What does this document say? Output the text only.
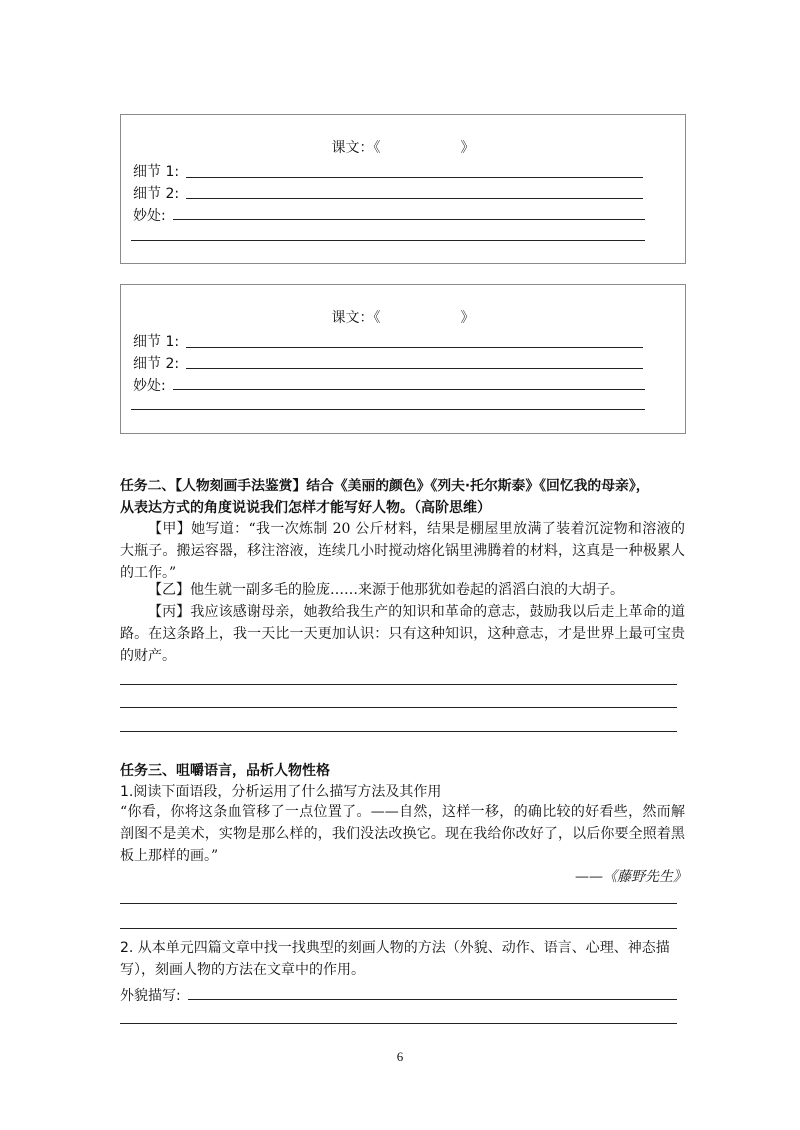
课文：《	》
细节 1:
细节 2:
妙处:
课文：《	》
细节 1:
细节 2:
妙处:
任务二、【人物刻画手法鉴赏】结合《美丽的颜色》《列夫·托尔斯泰》《回忆我的母亲》，
从表达方式的角度说说我们怎样才能写好人物。（高阶思维）
【甲】她写道：“我一次炼制 20 公斤材料，结果是棚屋里放满了装着沉淀物和溶液的大瓶子。搬运容器，移注溶液，连续几小时搅动熔化锅里沸腾着的材料，这真是一种极累人的工作。”
【乙】他生就一副多毛的脸庞……来源于他那犹如卷起的滔滔白浪的大胡子。
【丙】我应该感谢母亲，她教给我生产的知识和革命的意志，鼓励我以后走上革命的道路。在这条路上，我一天比一天更加认识：只有这种知识，这种意志，才是世界上最可宝贵的财产。
任务三、咀嚼语言，品析人物性格
1.阅读下面语段，分析运用了什么描写方法及其作用
“你看，你将这条血管移了一点位置了。——自然，这样一移，的确比较的好看些，然而解剖图不是美术，实物是那么样的，我们没法改换它。现在我给你改好了，以后你要全照着黑板上那样的画。”
——《藤野先生》
2. 从本单元四篇文章中找一找典型的刻画人物的方法（外貌、动作、语言、心理、神态描写），刻画人物的方法在文章中的作用。
外貌描写:
6
